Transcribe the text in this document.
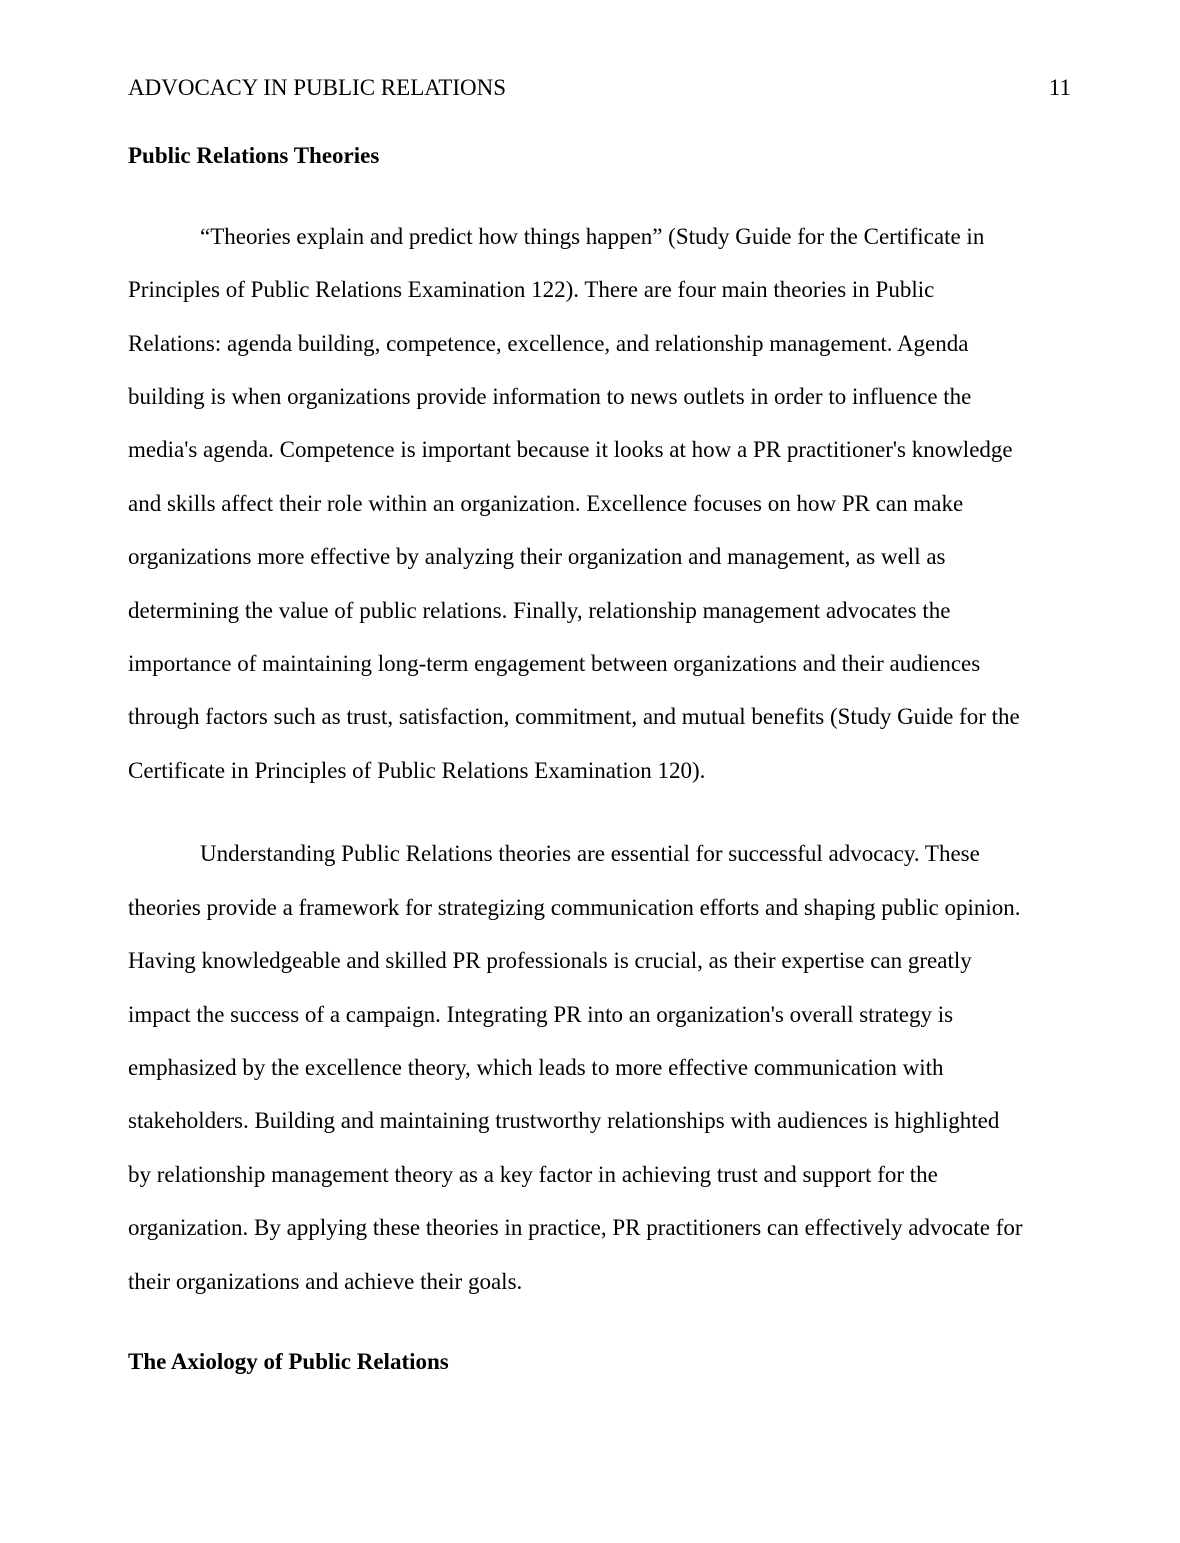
ADVOCACY IN PUBLIC RELATIONS	11
Public Relations Theories

“Theories explain and predict how things happen” (Study Guide for the Certificate in
Principles of Public Relations Examination 122). There are four main theories in Public
Relations: agenda building, competence, excellence, and relationship management. Agenda
building is when organizations provide information to news outlets in order to influence the
media's agenda. Competence is important because it looks at how a PR practitioner's knowledge
and skills affect their role within an organization. Excellence focuses on how PR can make
organizations more effective by analyzing their organization and management, as well as
determining the value of public relations. Finally, relationship management advocates the
importance of maintaining long-term engagement between organizations and their audiences
through factors such as trust, satisfaction, commitment, and mutual benefits (Study Guide for the
Certificate in Principles of Public Relations Examination 120).

Understanding Public Relations theories are essential for successful advocacy. These
theories provide a framework for strategizing communication efforts and shaping public opinion.
Having knowledgeable and skilled PR professionals is crucial, as their expertise can greatly
impact the success of a campaign. Integrating PR into an organization's overall strategy is
emphasized by the excellence theory, which leads to more effective communication with
stakeholders. Building and maintaining trustworthy relationships with audiences is highlighted
by relationship management theory as a key factor in achieving trust and support for the
organization. By applying these theories in practice, PR practitioners can effectively advocate for
their organizations and achieve their goals.

The Axiology of Public Relations
